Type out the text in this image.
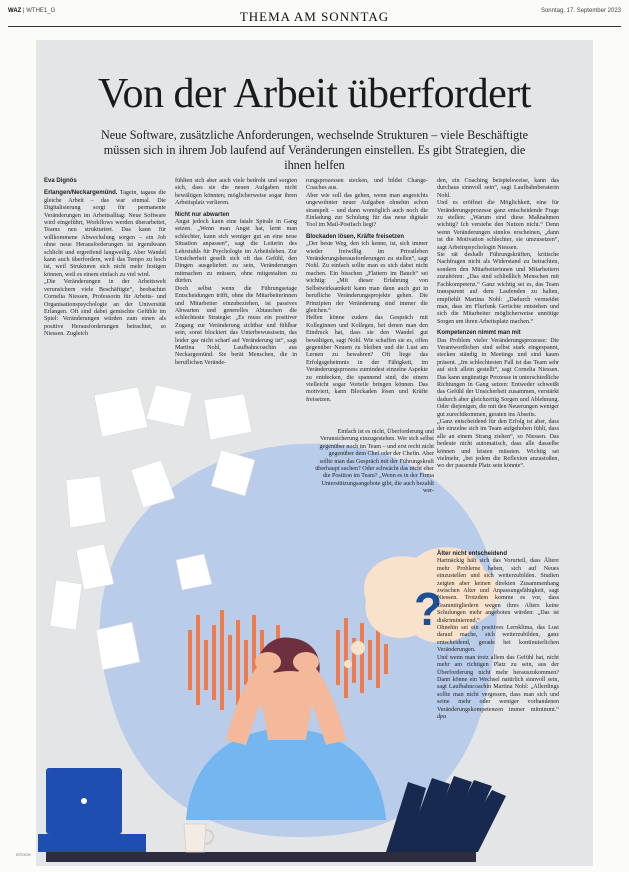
WAZ | WTHE1_G	Sonntag, 17. September 2023
THEMA AM SONNTAG
?
Von der Arbeit überfordert
Neue Software, zusätzliche Anforderungen, wechselnde Strukturen – viele Beschäftigte müssen sich in ihrem Job laufend auf Veränderungen einstellen. Es gibt Strategien, die ihnen helfen

Eva Dignös

Erlangen/Neckargemünd. Tagein, tagaus die gleiche Arbeit – das war einmal. Die Digitalisierung sorgt für permanente Veränderungen im Arbeitsalltag: Neue Software wird eingeführt, Workflows werden überarbeitet, Teams neu strukturiert. Das kann für willkommene Abwechslung sorgen – ein Job ohne neue Herausforderungen ist irgendwann schlicht und ergreifend langweilig. Aber Wandel kann auch überfordern, weil das Tempo zu hoch ist, weil Strukturen sich nicht mehr festigen können, weil es einem einfach zu viel wird.

„Die Veränderungen in der Arbeitswelt verunsichern viele Beschäftigte“, beobachtet Cornelia Niessen, Professorin für Arbeits- und Organisationspsychologie an der Universität Erlangen. Oft sind dabei gemischte Gefühle im Spiel: Veränderungen würden zum einen als positive Herausforderungen betrachtet, so Niessen. Zugleich

fühlten sich aber auch viele bedroht und sorgten sich, dass sie die neuen Aufgaben nicht bewältigen könnten; möglicherweise sogar ihren Arbeitsplatz verlieren.

Nicht nur abwarten

Angst jedoch kann eine fatale Spirale in Gang setzen. „Wenn man Angst hat, lernt man schlechter, kann sich weniger gut an eine neue Situation anpassen“, sagt die Leiterin des Lehrstuhls für Psychologie im Arbeitsleben. Zur Unsicherheit gesellt sich oft das Gefühl, den Dingen ausgeliefert zu sein, Veränderungen mitmachen zu müssen, ohne mitgestalten zu dürfen.

Doch selbst wenn die Führungsetage Entscheidungen trifft, ohne die Mitarbeiterinnen und Mitarbeiter einzubeziehen, ist passives Abwarten und generelles Abtauchen die schlechteste Strategie: „Es muss ein positiver Zugang zur Veränderung sichtbar und fühlbar sein, sonst blockiert das Unterbewusstsein, das leider gar nicht scharf auf Veränderung ist“, sagt Martina Nohl, Laufbahncoachin aus Neckargemünd. Sie berät Menschen, die in beruflichen Verände-

rungsprozessen stecken, und bildet Change-Coaches aus.

Aber wie soll das gehen, wenn man angesichts ungewohnter neuer Aufgaben ohnehin schon strampelt – und dann womöglich auch noch die Einladung zur Schulung für das neue digitale Tool im Mail-Postfach liegt?

Blockaden lösen, Kräfte freisetzen

„Der beste Weg, den ich kenne, ist, sich immer wieder freiwillig im Privatleben Veränderungsherausforderungen zu stellen“, sagt Nohl. Zu einfach sollte man es sich dabei nicht machen. Ein bisschen „Flattern im Bauch“ sei wichtig: „Mit dieser Erfahrung von Selbstwirksamkeit kann man dann auch gut in berufliche Veränderungsprojekte gehen. Die Prinzipien der Veränderung sind immer die gleichen.“

Helfen könne zudem das Gespräch mit Kolleginnen und Kollegen, bei denen man den Eindruck hat, dass sie den Wandel gut bewältigen, sagt Nohl. Wie schaffen sie es, offen gegenüber Neuem zu bleiben und die Lust am Lernen zu bewahren? Oft liege das Erfolgsgeheimnis in der Fähigkeit, im Veränderungsprozess zumindest einzelne Aspekte zu entdecken, die spannend sind, die einem vielleicht sogar Vorteile bringen können. Das motiviert, kann Blockaden lösen und Kräfte freisetzen.

Einfach ist es nicht, Überforderung und Verunsicherung einzugestehen. Wer sich selbst gegenüber noch im Team – und erst recht nicht gegenüber dem Chef oder der Chefin. Aber sollte man das Gespräch mit der Führungskraft überhaupt suchen? Oder schwächt das nicht eher die Position im Team? „Wenn es in der Firma Unterstützungsangebote gibt, die auch bezahlt wer-

den, ein Coaching beispielsweise, kann das durchaus sinnvoll sein“, sagt Laufbahnberaterin Nohl.

Und es eröffnet die Möglichkeit, eine für Veränderungsprozesse ganz entscheidende Frage zu stellen: „Warum sind diese Maßnahmen wichtig? Ich verstehe den Nutzen nicht.“ Denn wenn Veränderungen sinnlos erscheinen, „dann ist die Motivation schlechter, sie umzusetzen“, sagt Arbeitspsychologin Niessen.

Sie rät deshalb Führungskräften, kritische Nachfragen nicht als Widerstand zu betrachten, sondern den Mitarbeiterinnen und Mitarbeitern zuzuhören: „Das sind schließlich Menschen mit Fachkompetenz.“ Ganz wichtig sei es, das Team transparent auf dem Laufenden zu halten, empfiehlt Martina Nohl: „Dadurch vermeidet man, dass im Flurfunk Gerüchte entstehen und sich die Mitarbeiter möglicherweise unnötige Sorgen um ihren Arbeitsplatz machen.“

Kompetenzen nimmt man mit

Das Problem vieler Veränderungsprozesse: Die Verantwortlichen sind selbst stark eingespannt, stecken ständig in Meetings und sind kaum präsent. „Im schlechtesten Fall ist das Team sehr auf sich allein gestellt“, sagt Cornelia Niessen. Das kann ungünstige Prozesse in unterschiedliche Richtungen in Gang setzen: Entweder schweißt das Gefühl der Unsicherheit zusammen, verstärkt dadurch aber gleichzeitig Sorgen und Ablehnung. Oder diejenigen, die mit den Neuerungen weniger gut zurechtkommen, geraten ins Abseits.

„Ganz entscheidend für den Erfolg ist aber, dass der einzelne sich im Team aufgehoben fühlt, dass alle an einem Strang ziehen“, so Niessen. Das bedeute nicht automatisch, dass alle dasselbe können und leisten müssten. Wichtig sei vielmehr, „bei jedem die Reflexion anzustoßen, wo der passende Platz sein könnte“.

Älter nicht entscheidend

Hartnäckig hält sich das Vorurteil, dass Ältere mehr Probleme haben, sich auf Neues einzustellen und sich weiterzubilden. Studien zeigten aber keinen direkten Zusammenhang zwischen Alter und Anpassungsfähigkeit, sagt Niessen. Trotzdem komme es vor, dass Teammitgliedern wegen ihres Alters keine Schulungen mehr angeboten würden: „Das ist diskriminierend.“

Ohnehin sei ein positives Lernklima, das Lust darauf mache, sich weiterzubilden, ganz entscheidend, gerade bei kontinuierlichen Veränderungen.

Und wenn man trotz allem das Gefühl hat, nicht mehr am richtigen Platz zu sein, aus der Überforderung nicht mehr herauszukommen? Dann könne ein Wechsel natürlich sinnvoll sein, sagt Laufbahncoachin Martina Nohl: „Allerdings sollte man nicht vergessen, dass man sich und seine mehr oder weniger vorhandenen Veränderungskompetenzen immer mitnimmt.“ dpa

ISTOCK
